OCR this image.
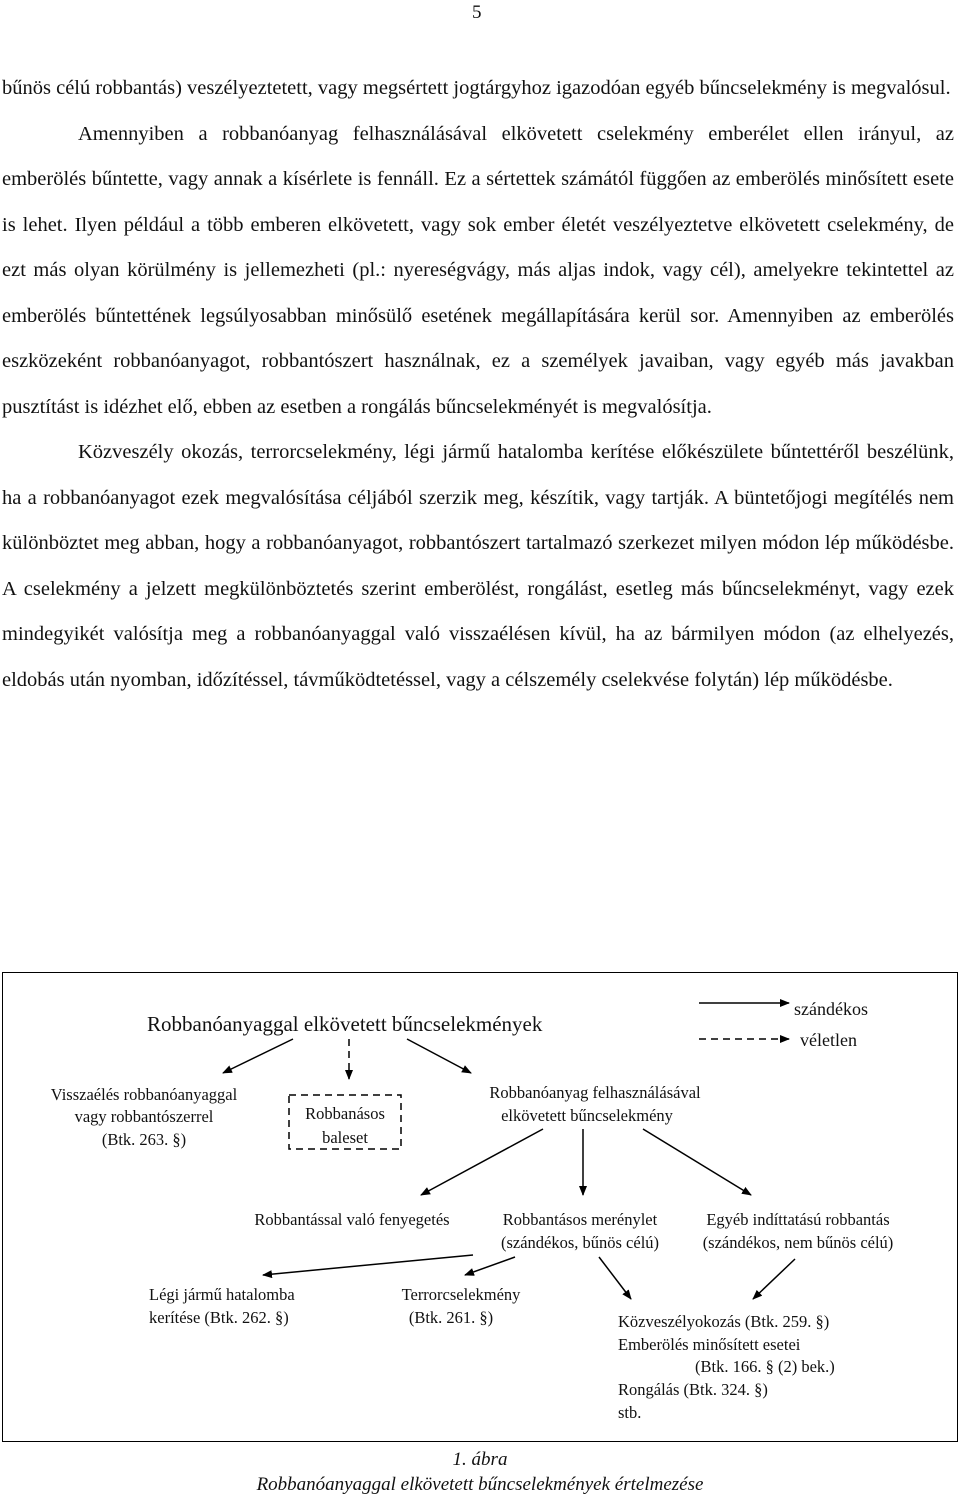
5

bűnös célú robbantás) veszélyeztetett, vagy megsértett jogtárgyhoz igazodóan egyéb bűncselekmény is megvalósul.

Amennyiben a robbanóanyag felhasználásával elkövetett cselekmény emberélet ellen irányul, az emberölés bűntette, vagy annak a kísérlete is fennáll. Ez a sértettek számától függően az emberölés minősített esete is lehet. Ilyen például a több emberen elkövetett, vagy sok ember életét veszélyeztetve elkövetett cselekmény, de ezt más olyan körülmény is jellemezheti (pl.: nyereségvágy, más aljas indok, vagy cél), amelyekre tekintettel az emberölés bűntettének legsúlyosabban minősülő esetének megállapítására kerül sor. Amennyiben az emberölés eszközeként robbanóanyagot, robbantószert használnak, ez a személyek javaiban, vagy egyéb más javakban pusztítást is idézhet elő, ebben az esetben a rongálás bűncselekményét is megvalósítja.

Közveszély okozás, terrorcselekmény, légi jármű hatalomba kerítése előkészülete bűntettéről beszélünk, ha a robbanóanyagot ezek megvalósítása céljából szerzik meg, készítik, vagy tartják. A büntetőjogi megítélés nem különböztet meg abban, hogy a robbanóanyagot, robbantószert tartalmazó szerkezet milyen módon lép működésbe. A cselekmény a jelzett megkülönböztetés szerint emberölést, rongálást, esetleg más bűncselekményt, vagy ezek mindegyikét valósítja meg a robbanóanyaggal való visszaélésen kívül, ha az bármilyen módon (az elhelyezés, eldobás után nyomban, időzítéssel, távműködtetéssel, vagy a célszemély cselekvése folytán) lép működésbe.

Robbanóanyaggal elkövetett bűncselekmények
szándékos
véletlen
Visszaélés robbanóanyaggal
vagy robbantószerrel
(Btk. 263. §)
Robbanásos
baleset
Robbanóanyag felhasználásával
elkövetett bűncselekmény
Robbantással való fenyegetés	Robbantásos merénylet
(szándékos, bűnös célú)
Egyéb indíttatású robbantás
(szándékos, nem bűnös célú)
Légi jármű hatalomba
kerítése (Btk. 262. §)
Terrorcselekmény
(Btk. 261. §)	Közveszélyokozás (Btk. 259. §)
Emberölés minősített esetei
(Btk. 166. § (2) bek.)
Rongálás (Btk. 324. §)
stb.
1. ábra
Robbanóanyaggal elkövetett bűncselekmények értelmezése
